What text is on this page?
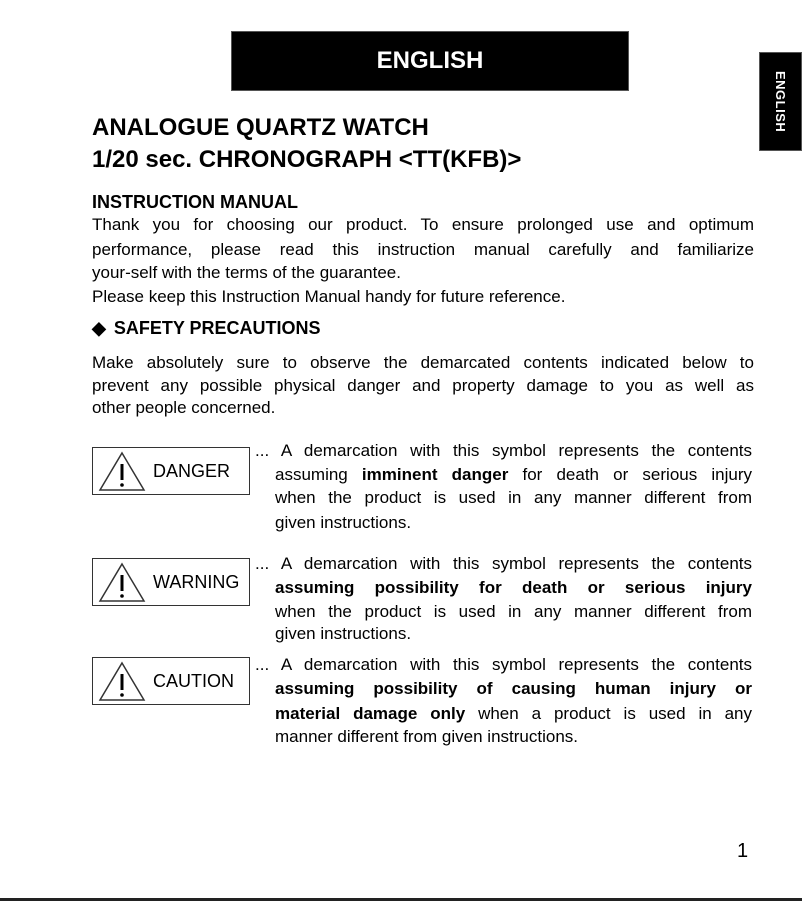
ENGLISH
ENGLISH
ANALOGUE QUARTZ WATCH
1/20 sec. CHRONOGRAPH <TT(KFB)>
INSTRUCTION MANUAL
Thank you for choosing our product. To ensure prolonged use and optimum
performance, please read this instruction manual carefully and familiarize
your-self with the terms of the guarantee.
Please keep this Instruction Manual handy for future reference.
◆ SAFETY PRECAUTIONS
Make absolutely sure to observe the demarcated contents indicated below to
prevent any possible physical danger and property damage to you as well as
other people concerned.
DANGER
... A demarcation with this symbol represents the contents
assuming imminent danger for death or serious injury
when the product is used in any manner different from
given instructions.
WARNING
... A demarcation with this symbol represents the contents
assuming possibility for death or serious injury
when the product is used in any manner different from
given instructions.
CAUTION
... A demarcation with this symbol represents the contents
assuming possibility of causing human injury or
material damage only when a product is used in any
manner different from given instructions.
1
